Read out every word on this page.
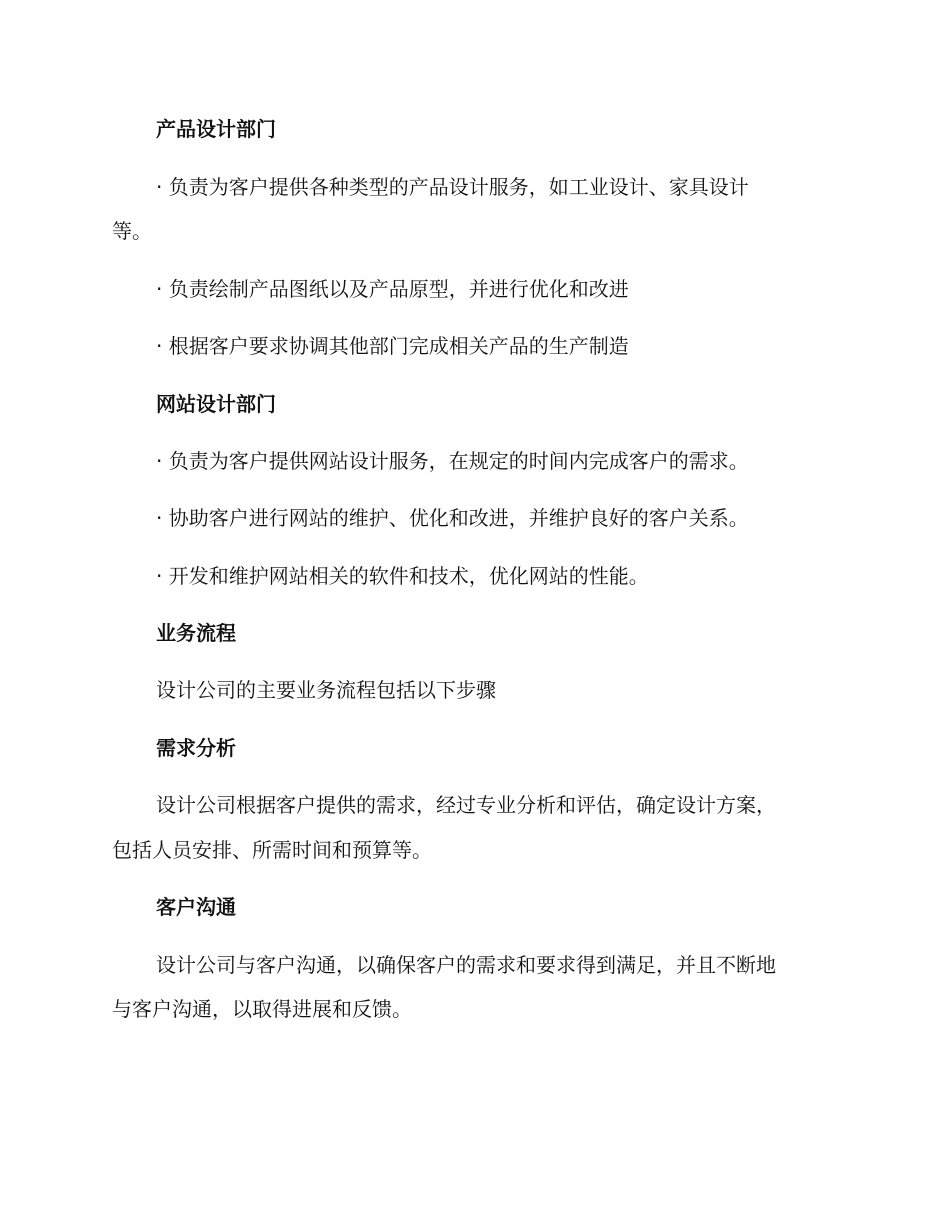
产品设计部门
· 负责为客户提供各种类型的产品设计服务，如工业设计、家具设计
等。
· 负责绘制产品图纸以及产品原型，并进行优化和改进
· 根据客户要求协调其他部门完成相关产品的生产制造
网站设计部门
· 负责为客户提供网站设计服务，在规定的时间内完成客户的需求。
· 协助客户进行网站的维护、优化和改进，并维护良好的客户关系。
· 开发和维护网站相关的软件和技术，优化网站的性能。
业务流程
设计公司的主要业务流程包括以下步骤
需求分析
设计公司根据客户提供的需求，经过专业分析和评估，确定设计方案，
包括人员安排、所需时间和预算等。
客户沟通
设计公司与客户沟通，以确保客户的需求和要求得到满足，并且不断地
与客户沟通，以取得进展和反馈。
